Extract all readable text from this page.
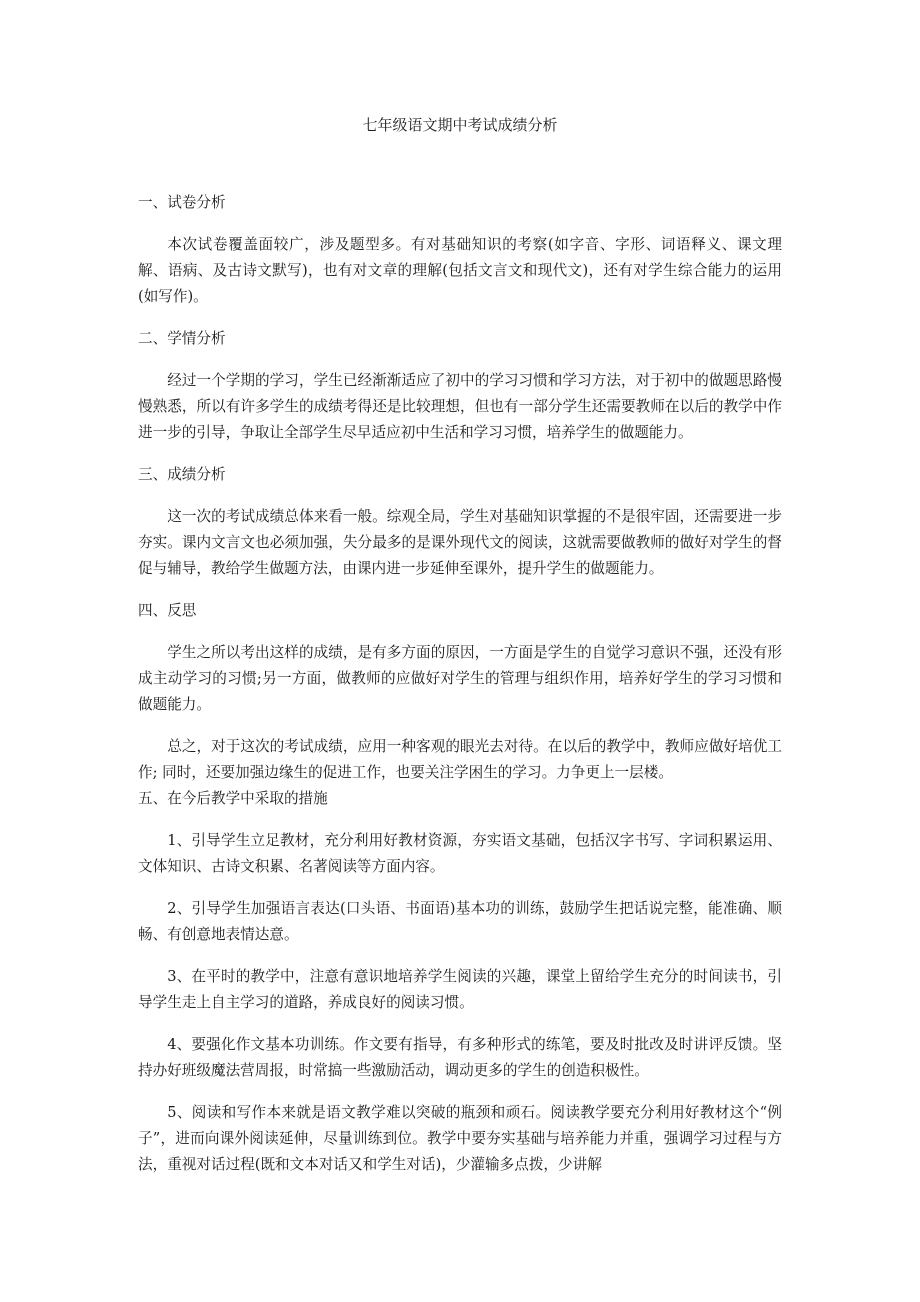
七年级语文期中考试成绩分析

一、试卷分析

本次试卷覆盖面较广，涉及题型多。有对基础知识的考察(如字音、字形、词语释义、课文理解、语病、及古诗文默写)，也有对文章的理解(包括文言文和现代文)，还有对学生综合能力的运用(如写作)。

二、学情分析

经过一个学期的学习，学生已经渐渐适应了初中的学习习惯和学习方法，对于初中的做题思路慢慢熟悉，所以有许多学生的成绩考得还是比较理想，但也有一部分学生还需要教师在以后的教学中作进一步的引导，争取让全部学生尽早适应初中生活和学习习惯，培养学生的做题能力。

三、成绩分析

这一次的考试成绩总体来看一般。综观全局，学生对基础知识掌握的不是很牢固，还需要进一步夯实。课内文言文也必须加强，失分最多的是课外现代文的阅读，这就需要做教师的做好对学生的督促与辅导，教给学生做题方法，由课内进一步延伸至课外，提升学生的做题能力。

四、反思

学生之所以考出这样的成绩，是有多方面的原因，一方面是学生的自觉学习意识不强，还没有形成主动学习的习惯;另一方面，做教师的应做好对学生的管理与组织作用，培养好学生的学习习惯和做题能力。

总之，对于这次的考试成绩，应用一种客观的眼光去对待。在以后的教学中，教师应做好培优工作; 同时，还要加强边缘生的促进工作，也要关注学困生的学习。力争更上一层楼。

五、在今后教学中采取的措施

1、引导学生立足教材，充分利用好教材资源，夯实语文基础，包括汉字书写、字词积累运用、文体知识、古诗文积累、名著阅读等方面内容。

2、引导学生加强语言表达(口头语、书面语)基本功的训练，鼓励学生把话说完整，能准确、顺畅、有创意地表情达意。

3、在平时的教学中，注意有意识地培养学生阅读的兴趣，课堂上留给学生充分的时间读书，引导学生走上自主学习的道路，养成良好的阅读习惯。

4、要强化作文基本功训练。作文要有指导，有多种形式的练笔，要及时批改及时讲评反馈。坚持办好班级魔法营周报，时常搞一些激励活动，调动更多的学生的创造积极性。

5、阅读和写作本来就是语文教学难以突破的瓶颈和顽石。阅读教学要充分利用好教材这个“例子”，进而向课外阅读延伸，尽量训练到位。教学中要夯实基础与培养能力并重，强调学习过程与方法，重视对话过程(既和文本对话又和学生对话)，少灌输多点拨，少讲解
